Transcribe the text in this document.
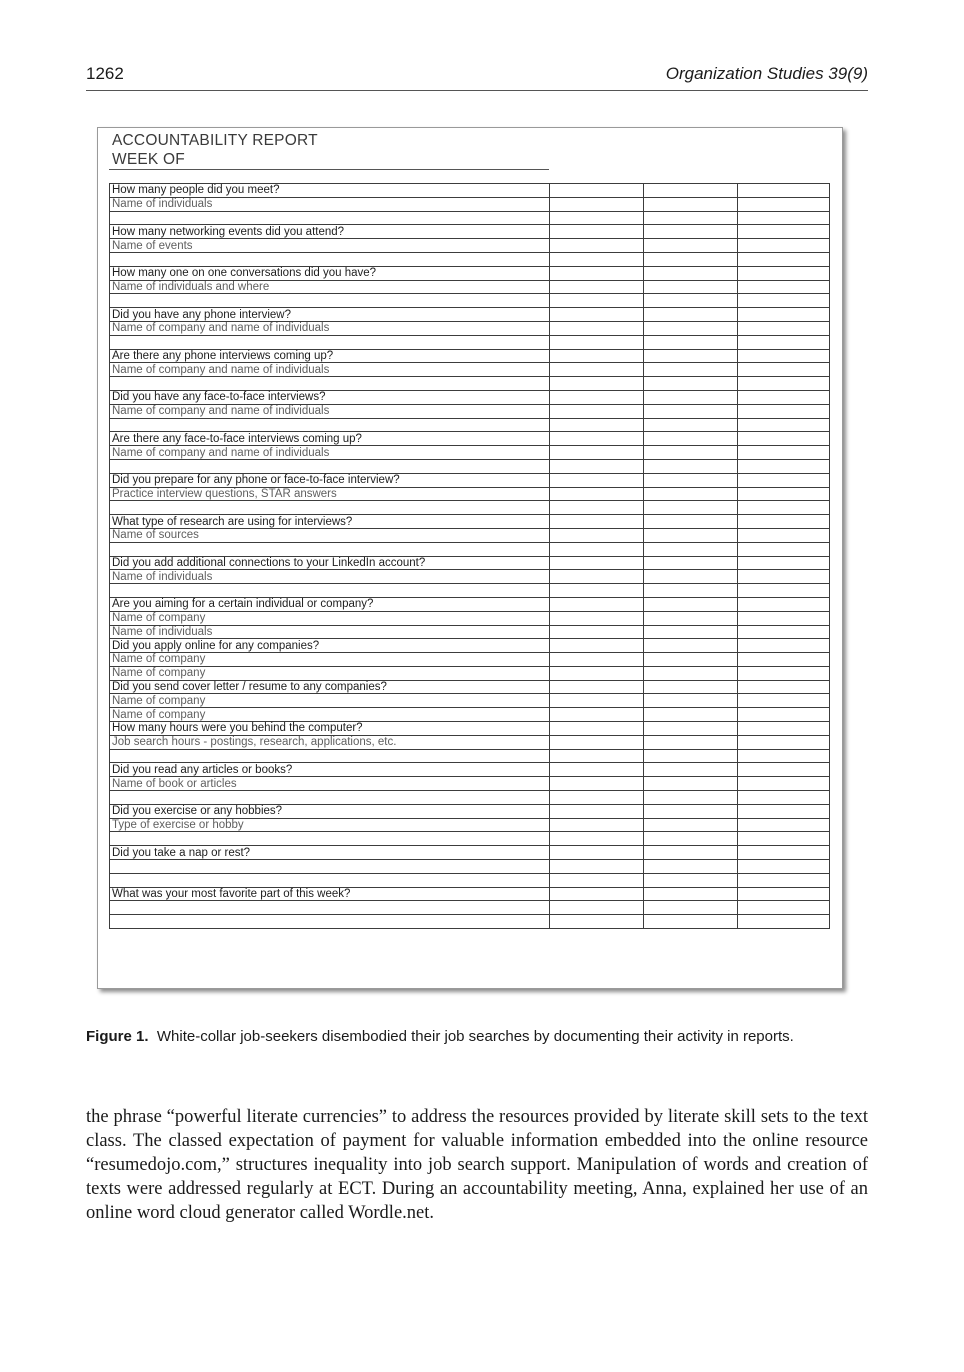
1262	Organization Studies 39(9)
ACCOUNTABILITY REPORT
WEEK OF
How many people did you meet?			
Name of individuals			

How many networking events did you attend?			
Name of events			

How many one on one conversations did you have?			
Name of individuals and where			

Did you have any phone interview?			
Name of company and name of individuals			

Are there any phone interviews coming up?			
Name of company and name of individuals			

Did you have any face-to-face interviews?			
Name of company and name of individuals			

Are there any face-to-face interviews coming up?			
Name of company and name of individuals			

Did you prepare for any phone or face-to-face interview?			
Practice interview questions, STAR answers			

What type of research are using for interviews?			
Name of sources			

Did you add additional connections to your LinkedIn account?			
Name of individuals			

Are you aiming for a certain individual or company?			
Name of company			
Name of individuals			
Did you apply online for any companies?			
Name of company			
Name of company			
Did you send cover letter / resume to any companies?			
Name of company			
Name of company			
How many hours were you behind the computer?			
Job search hours - postings, research, applications, etc.			

Did you read any articles or books?			
Name of book or articles			

Did you exercise or any hobbies?			
Type of exercise or hobby			

Did you take a nap or rest?			

What was your most favorite part of this week?			

Figure 1. White-collar job-seekers disembodied their job searches by documenting their activity in reports.
the phrase “powerful literate currencies” to address the resources provided by literate skill sets to the text class. The classed expectation of payment for valuable information embedded into the online resource “resumedojo.com,” structures inequality into job search support. Manipulation of words and creation of texts were addressed regularly at ECT. During an accountability meeting, Anna, explained her use of an online word cloud generator called Wordle.net.
